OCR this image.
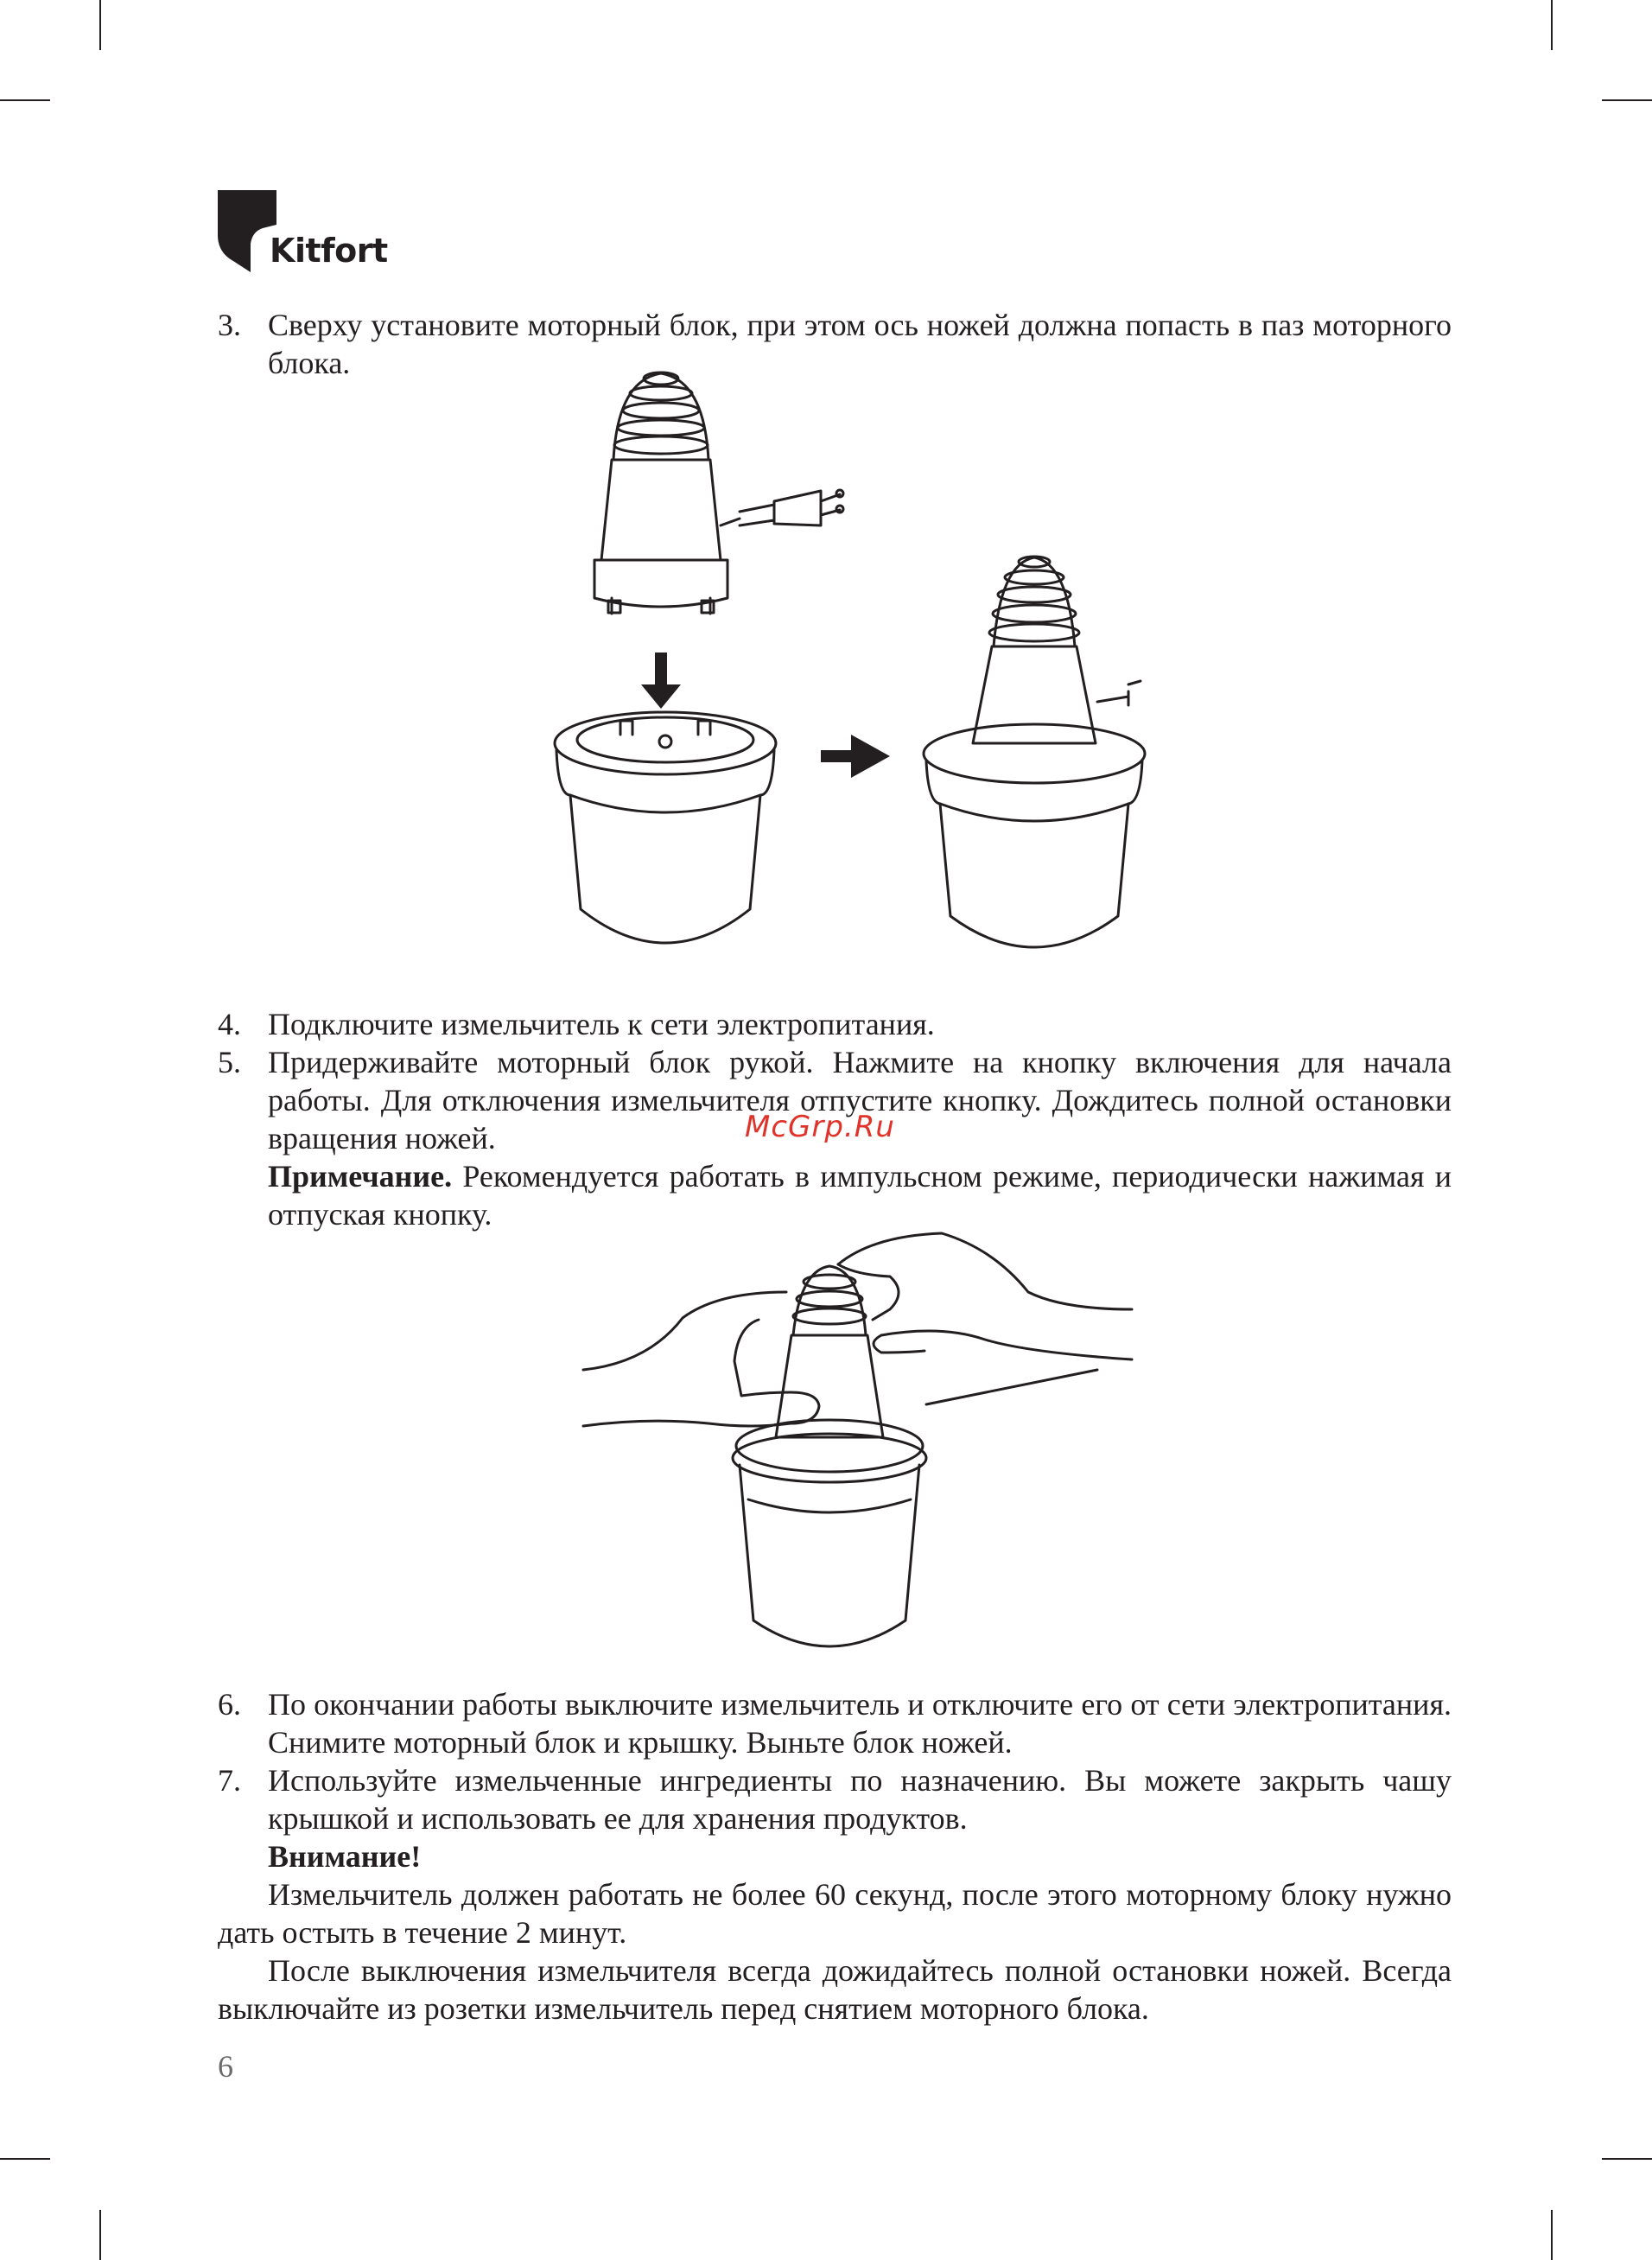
Kitfort
3. Сверху установите моторный блок, при этом ось ножей должна попасть в паз моторного блока.
4. Подключите измельчитель к сети электропитания.
5. Придерживайте моторный блок рукой. Нажмите на кнопку включения для начала работы. Для отключения измельчителя отпустите кнопку. Дождитесь полной остановки вращения ножей.
Примечание. Рекомендуется работать в импульсном режиме, периодически нажимая и отпуская кнопку.
McGrp.Ru
6. По окончании работы выключите измельчитель и отключите его от сети электропитания. Снимите моторный блок и крышку. Выньте блок ножей.
7. Используйте измельченные ингредиенты по назначению. Вы можете закрыть чашу крышкой и использовать ее для хранения продуктов.
Внимание!
Измельчитель должен работать не более 60 секунд, после этого моторному блоку нужно дать остыть в течение 2 минут.
После выключения измельчителя всегда дожидайтесь полной остановки ножей. Всегда выключайте из розетки измельчитель перед снятием моторного блока.
6
